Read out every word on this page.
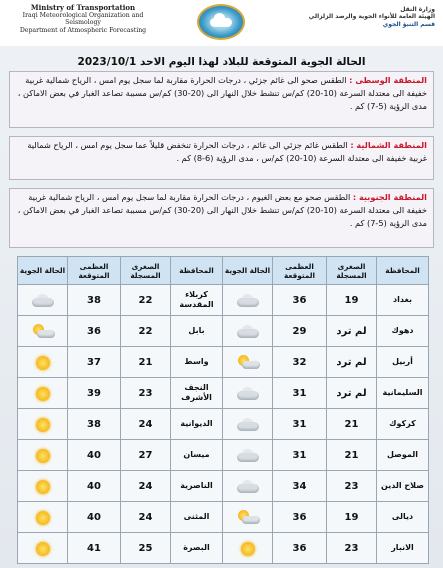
Ministry of Transportation
Iraqi Meteorological Organization and Seismology
Department of Atmospheric Forecasting
وزارة النقل
الهيئة العامة للأنواء الجوية والرصد الزلزالي
قسم التنبؤ الجوي
الحالة الجوية المتوقعة للبلاد لهذا اليوم الاحد 2023/10/1
المنطقة الوسطى : الطقس صحو الى غائم جزئي ، درجات الحرارة مقاربة لما سجل يوم امس ، الرياح شمالية غربية خفيفة الى معتدلة السرعة (10-20) كم/س تنشط خلال النهار الى (20-30) كم/س مسببة تصاعد الغبار في بعض الاماكن ، مدى الرؤية (5-7) كم .
المنطقة الشمالية : الطقس غائم جزئي الى غائم ، درجات الحرارة تنخفض قليلاً عما سجل يوم امس ، الرياح شمالية غربية خفيفة الى معتدلة السرعة (10-20) كم/س ، مدى الرؤية (6-8) كم .
المنطقة الجنوبية : الطقس صحو مع بعض الغيوم ، درجات الحرارة مقاربة لما سجل يوم امس ، الرياح شمالية غربية خفيفة الى معتدلة السرعة (10-20) كم/س تنشط خلال النهار الى (20-30) كم/س مسببة تصاعد الغبار في بعض الاماكن ، مدى الرؤية (5-7) كم .
الحالة الجوية	العظمى المتوقعة	الصغرى المسجلة	المحافظة

	38	22	كربلاء المقدسة

	36	22	بابل

	37	21	واسط

	39	23	النجف الأشرف

	38	24	الديوانية

	40	27	ميسان

	40	24	الناصرية

	40	24	المثنى

	41	25	البصرة
الحالة الجوية	العظمى المتوقعة	الصغرى المسجلة	المحافظة

	36	19	بغداد

	29	لم ترد	دهوك

	32	لم ترد	أربيل

	31	لم ترد	السليمانية

	31	21	كركوك

	31	21	الموصل

	34	23	صلاح الدين

	36	19	ديالى

	36	23	الانبار
